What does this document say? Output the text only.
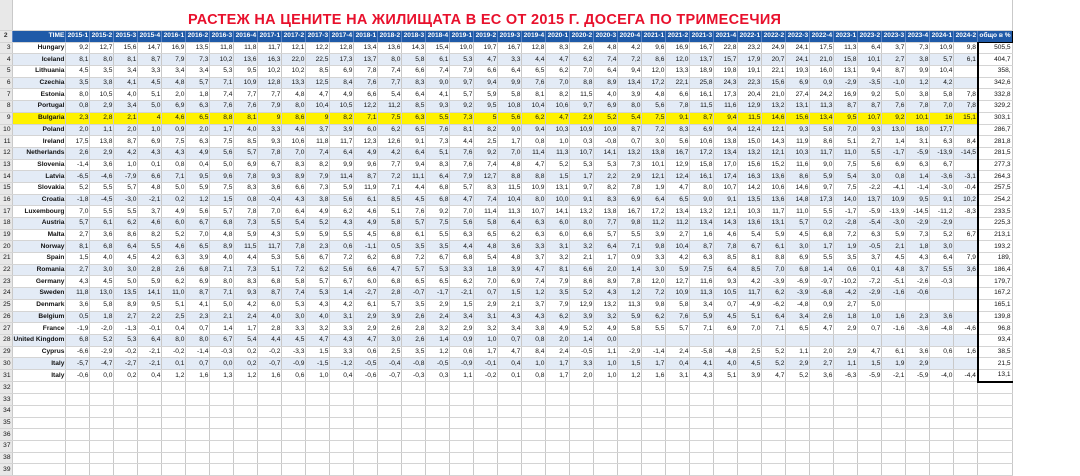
2	TIME	2015-1	2015-2	2015-3	2015-4	2016-1	2016-2	2016-3	2016-4	2017-1	2017-2	2017-3	2017-4	2018-1	2018-2	2018-3	2018-4	2019-1	2019-2	2019-3	2019-4	2020-1	2020-2	2020-3	2020-4	2021-1	2021-2	2021-3	2021-4	2022-1	2022-2	2022-3	2022-4	2023-1	2023-2	2023-3	2023-4	2024-1	2024-2	общо в %
3	Hungary	9,2	12,7	15,6	14,7	16,9	13,5	11,8	11,8	11,7	12,1	12,2	12,8	13,4	13,6	14,3	15,4	19,0	19,7	16,7	12,8	8,3	2,6	4,8	4,2	9,6	16,9	16,7	22,8	23,2	24,9	24,1	17,5	11,3	6,4	3,7	7,3	10,9	9,8	505,5
4	Iceland	8,1	8,0	8,1	8,7	7,9	7,3	10,2	13,6	16,3	22,0	22,5	17,3	13,7	8,0	5,8	6,1	5,3	4,7	3,3	4,4	4,7	6,2	7,4	7,2	8,6	12,0	13,7	15,7	17,9	20,7	24,1	21,0	15,8	10,1	2,7	3,8	5,7	6,1	404,7
5	Lithuania	4,5	3,5	3,4	3,3	3,4	3,4	5,3	9,5	10,2	10,2	8,5	6,9	7,8	7,4	6,6	7,4	7,9	6,6	6,4	6,5	6,2	7,0	6,4	9,4	12,0	13,3	18,9	19,8	19,1	22,1	19,3	16,0	13,1	9,4	8,7	9,9	10,4		358,
6	Czechia	3,5	3,8	4,1	4,5	4,8	5,7	7,1	10,9	12,8	13,3	12,5	8,4	7,6	7,7	8,3	9,0	9,7	9,4	9,9	7,6	7,0	8,8	8,9	13,4	17,2	22,1	25,8	24,3	22,3	15,6	6,9	0,9	-2,9	-3,5	-1,0	1,2	4,2		342,6
7	Estonia	8,0	10,5	4,0	5,1	2,0	1,8	7,4	7,7	7,7	4,8	4,7	4,9	6,6	5,4	6,4	4,1	5,7	5,9	5,8	8,1	8,2	11,5	4,0	3,9	4,8	6,6	16,1	17,3	20,4	21,0	27,4	24,2	16,9	9,2	5,0	3,8	5,8	7,8	332,8
8	Portugal	0,8	2,9	3,4	5,0	6,9	6,3	7,6	7,6	7,9	8,0	10,4	10,5	12,2	11,2	8,5	9,3	9,2	9,5	10,8	10,4	10,6	9,7	6,9	8,0	5,6	7,8	11,5	11,6	12,9	13,2	13,1	11,3	8,7	8,7	7,6	7,8	7,0	7,8	329,2
9	Bulgaria	2,3	2,8	2,1	4	4,6	6,5	8,8	8,1	9	8,6	9	8,2	7,1	7,5	6,3	5,5	7,3	5	5,6	6,2	4,7	2,9	5,2	5,4	7,5	9,1	8,7	9,4	11,5	14,6	15,6	13,4	9,5	10,7	9,2	10,1	16	15,1	303,1
10	Poland	2,0	1,1	2,0	1,0	0,9	2,0	1,7	4,0	3,3	4,6	3,7	3,9	6,0	6,2	6,5	7,6	8,1	8,2	9,0	9,4	10,3	10,9	10,9	8,7	7,2	8,3	6,9	9,4	12,4	12,1	9,3	5,8	7,0	9,3	13,0	18,0	17,7		286,7
11	Ireland	17,5	13,8	8,7	6,9	7,5	6,3	7,5	8,5	9,3	10,6	11,8	11,7	12,3	12,6	9,1	7,3	4,4	2,5	1,7	0,8	1,0	0,3	-0,8	0,7	3,0	5,6	10,6	13,8	15,0	14,3	11,9	8,6	5,1	2,7	1,4	3,1	6,3	8,4	281,8
12	Netherlands	2,6	2,9	4,2	4,3	4,3	4,9	5,6	5,7	7,8	7,0	7,4	6,4	4,9	4,2	6,4	5,1	7,6	9,2	7,0	11,4	11,3	10,7	14,1	13,2	13,8	16,7	17,2	13,4	13,2	12,1	10,3	11,7	11,0	5,5	-1,7	-5,9	-13,9	-14,5	281,5
13	Slovenia	-1,4	3,6	1,0	0,1	0,8	0,4	5,0	6,9	6,7	8,3	8,2	9,9	9,6	7,7	9,4	8,3	7,6	7,4	4,8	4,7	5,2	5,3	5,3	7,3	10,1	12,9	15,8	17,0	15,6	15,2	11,6	9,0	7,5	5,6	6,9	6,3	6,7		277,3
14	Latvia	-6,5	-4,6	-7,9	6,6	7,1	9,5	9,6	7,8	9,3	8,9	7,9	11,4	8,7	7,2	11,1	6,4	7,9	12,7	8,8	8,8	1,5	1,7	2,2	2,9	12,1	12,4	16,1	17,4	16,3	13,6	8,6	5,9	5,4	3,0	0,8	1,4	-3,6	-3,1	264,3
15	Slovakia	5,2	5,5	5,7	4,8	5,0	5,9	7,5	8,3	3,6	6,6	7,3	5,9	11,9	7,1	4,4	6,8	5,7	8,3	11,5	10,9	13,1	9,7	8,2	7,8	1,9	4,7	8,0	10,7	14,2	10,6	14,6	9,7	7,5	-2,2	-4,1	-1,4	-3,0	-0,4	257,5
16	Croatia	-1,8	-4,5	-3,0	-2,1	0,2	1,2	1,5	0,8	-0,4	4,3	3,8	5,6	6,1	8,5	4,5	6,8	4,7	7,4	10,4	8,0	10,0	9,1	8,3	6,9	6,4	6,5	9,0	9,1	13,5	13,6	14,8	17,3	14,0	13,7	10,9	9,5	9,1	10,2	254,2
17	Luxembourg	7,0	5,5	5,5	3,7	4,9	5,6	5,7	7,8	7,0	6,4	4,9	6,2	4,6	5,1	7,6	9,2	7,0	11,4	11,3	10,7	14,1	13,2	13,8	16,7	17,2	13,4	13,2	12,1	10,3	11,7	11,0	5,5	-1,7	-5,9	-13,9	-14,5	-11,2	-8,3	233,5
18	Austria	5,7	6,1	6,2	4,6	6,0	6,7	6,8	7,3	5,5	5,4	5,2	4,3	4,9	5,8	5,7	7,5	5,6	5,8	6,4	6,3	6,0	8,0	7,7	9,8	11,2	11,2	13,4	14,3	13,6	13,1	5,7	0,2	-2,8	-5,4	-3,0	-2,9	-2,9		225,3
19	Malta	2,7	3,6	8,6	8,2	5,2	7,0	4,8	5,9	4,3	5,9	5,9	5,5	4,5	6,8	6,1	5,5	6,3	6,5	6,2	6,3	6,0	6,6	5,7	5,5	3,9	2,7	1,6	4,6	5,4	5,9	4,5	6,8	7,2	6,3	5,9	7,3	5,2	6,7	213,1
20	Norway	8,1	6,8	6,4	5,5	4,6	6,5	8,9	11,5	11,7	7,8	2,3	0,6	-1,1	0,5	3,5	3,5	4,4	4,8	3,6	3,3	3,1	3,2	6,4	7,1	9,8	10,4	8,7	7,8	6,7	6,1	3,0	1,7	1,9	-0,5	2,1	1,8	3,0		193,2
21	Spain	1,5	4,0	4,5	4,2	6,3	3,9	4,0	4,4	5,3	5,6	6,7	7,2	6,2	6,8	7,2	6,7	6,8	5,4	4,8	3,7	3,2	2,1	1,7	0,9	3,3	4,2	6,3	8,5	8,1	8,8	6,9	5,5	3,5	3,7	4,5	4,3	6,4	7,9	189,
22	Romania	2,7	3,0	3,0	2,8	2,6	6,8	7,1	7,3	5,1	7,2	6,2	5,6	6,6	4,7	5,7	5,3	3,3	1,8	3,9	4,7	8,1	6,6	2,0	1,4	3,0	5,9	7,5	6,4	8,5	7,0	6,8	1,4	0,6	0,1	4,8	3,7	5,5	3,6	186,4
23	Germany	4,3	4,5	5,0	5,9	6,2	6,9	8,0	8,3	6,8	5,8	5,7	6,7	6,0	6,8	6,5	6,5	6,2	7,0	6,9	7,4	7,9	8,6	8,9	7,8	12,0	12,7	11,6	9,3	4,2	-3,9	-6,9	-9,7	-10,2	-7,2	-5,1	-2,6	-0,3		179,7
24	Sweden	11,8	13,0	13,5	14,1	11,0	8,7	7,1	9,3	8,7	7,4	5,3	1,4	-2,7	2,8	-0,7	-1,7	-2,1	0,7	1,5	1,2	3,5	5,2	4,3	1,2	7,2	10,9	11,3	10,5	11,7	6,2	-3,9	-6,8	-4,2	-2,9	-1,6	-0,6			167,2
25	Denmark	3,6	5,8	8,9	9,5	5,1	4,1	5,0	4,2	6,0	5,3	4,3	4,2	6,1	5,7	3,5	2,9	1,5	2,9	2,1	3,7	7,9	12,9	13,2	11,3	9,8	5,8	3,4	0,7	-4,9	-6,2	-4,8	0,9	2,7	5,0					165,1
26	Belgium	0,5	1,8	2,7	2,2	2,5	2,3	2,1	2,4	4,0	3,0	4,0	3,1	2,9	3,9	2,6	2,4	3,4	3,1	4,3	4,3	6,2	3,9	3,2	5,9	6,2	7,6	5,9	4,5	5,1	6,4	3,4	2,6	1,8	1,0	1,6	2,3	3,6		139,8
27	France	-1,9	-2,0	-1,3	-0,1	0,4	0,7	1,4	1,7	2,8	3,3	3,2	3,3	2,9	2,6	2,8	3,2	2,9	3,2	3,4	3,8	4,9	5,2	4,9	5,8	5,5	5,7	7,1	6,9	7,0	7,1	6,5	4,7	2,9	0,7	-1,6	-3,6	-4,8	-4,6	96,8
28	United Kingdom	6,8	5,2	5,3	6,4	8,0	8,0	6,7	5,4	4,4	4,5	4,7	4,3	4,7	3,0	2,6	1,4	0,9	1,0	0,7	0,8	2,0	1,4	0,0																93,4
29	Cyprus	-6,6	-2,9	-0,2	-2,1	-0,2	-1,4	-0,3	0,2	-0,2	-3,3	1,5	3,3	0,6	2,5	3,5	1,2	0,6	1,7	4,7	8,4	2,4	-0,5	1,1	-2,9	-1,4	2,4	-5,8	-4,8	2,5	5,2	1,1	2,0	2,9	4,7	6,1	3,6	0,6	1,6	38,5
30	Italy	-5,7	-4,7	-2,7	-2,1	0,1	0,7	0,0	0,2	-0,7	-0,9	-1,5	-1,2	-0,5	-0,4	-0,8	-0,5	-0,9	-0,1	0,4	1,0	1,7	3,3	1,0	1,5	1,7	0,4	4,1	4,0	4,5	5,2	2,9	2,7	1,1	1,5	1,9	2,9			21,5
31	Italy	-0,6	0,0	0,2	0,4	1,2	1,6	1,3	1,2	1,6	0,6	1,0	0,4	-0,6	-0,7	-0,3	0,3	1,1	-0,2	0,1	0,8	1,7	2,0	1,0	1,2	1,6	3,1	4,3	5,1	3,9	4,7	5,2	3,6	-6,3	-5,9	-2,1	-5,9	-4,0	-4,4	13,1
32																																								
33																																								
34																																								
35																																								
36																																								
37																																								
38																																								
39																																								
РАСТЕЖ НА ЦЕНИТЕ НА ЖИЛИЩАТА В ЕС ОТ 2015 Г. ДОСЕГА ПО ТРИМЕСЕЧИЯ
